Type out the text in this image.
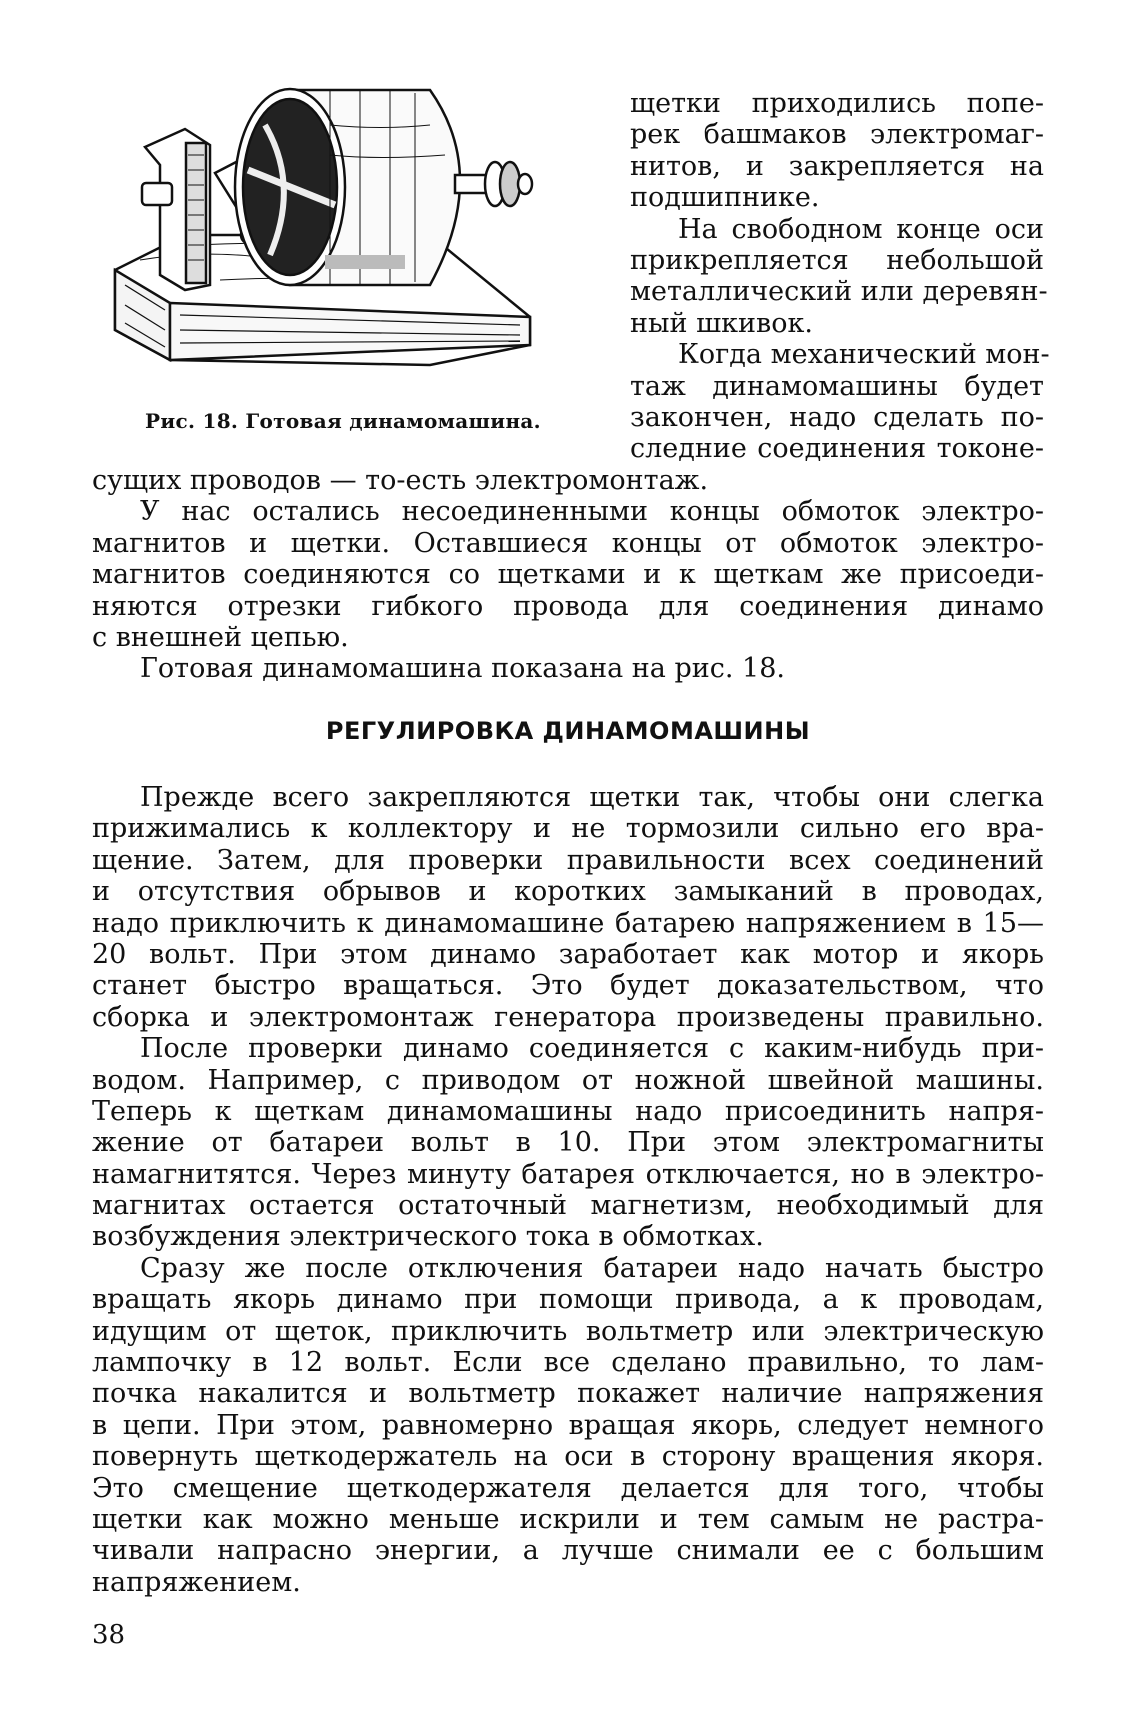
Рис. 18. Готовая динамомашина.
щетки приходились попе-
рек башмаков электромаг-
нитов, и закрепляется на
подшипнике.
На свободном конце оси
прикрепляется небольшой
металлический или деревян-
ный шкивок.
Когда механический мон-
таж динамомашины будет
закончен, надо сделать по-
следние соединения токоне-
сущих проводов — то-есть электромонтаж.
У нас остались несоединенными концы обмоток электро-
магнитов и щетки. Оставшиеся концы от обмоток электро-
магнитов соединяются со щетками и к щеткам же присоеди-
няются отрезки гибкого провода для соединения динамо
с внешней цепью.
Готовая динамомашина показана на рис. 18.
РЕГУЛИРОВКА ДИНАМОМАШИНЫ
Прежде всего закрепляются щетки так, чтобы они слегка
прижимались к коллектору и не тормозили сильно его вра-
щение. Затем, для проверки правильности всех соединений
и отсутствия обрывов и коротких замыканий в проводах,
надо приключить к динамомашине батарею напряжением в 15—
20 вольт. При этом динамо заработает как мотор и якорь
станет быстро вращаться. Это будет доказательством, что
сборка и электромонтаж генератора произведены правильно.
После проверки динамо соединяется с каким-нибудь при-
водом. Например, с приводом от ножной швейной машины.
Теперь к щеткам динамомашины надо присоединить напря-
жение от батареи вольт в 10. При этом электромагниты
намагнитятся. Через минуту батарея отключается, но в электро-
магнитах остается остаточный магнетизм, необходимый для
возбуждения электрического тока в обмотках.
Сразу же после отключения батареи надо начать быстро
вращать якорь динамо при помощи привода, а к проводам,
идущим от щеток, приключить вольтметр или электрическую
лампочку в 12 вольт. Если все сделано правильно, то лам-
почка накалится и вольтметр покажет наличие напряжения
в цепи. При этом, равномерно вращая якорь, следует немного
повернуть щеткодержатель на оси в сторону вращения якоря.
Это смещение щеткодержателя делается для того, чтобы
щетки как можно меньше искрили и тем самым не растра-
чивали напрасно энергии, а лучше снимали ее с большим
напряжением.
38
